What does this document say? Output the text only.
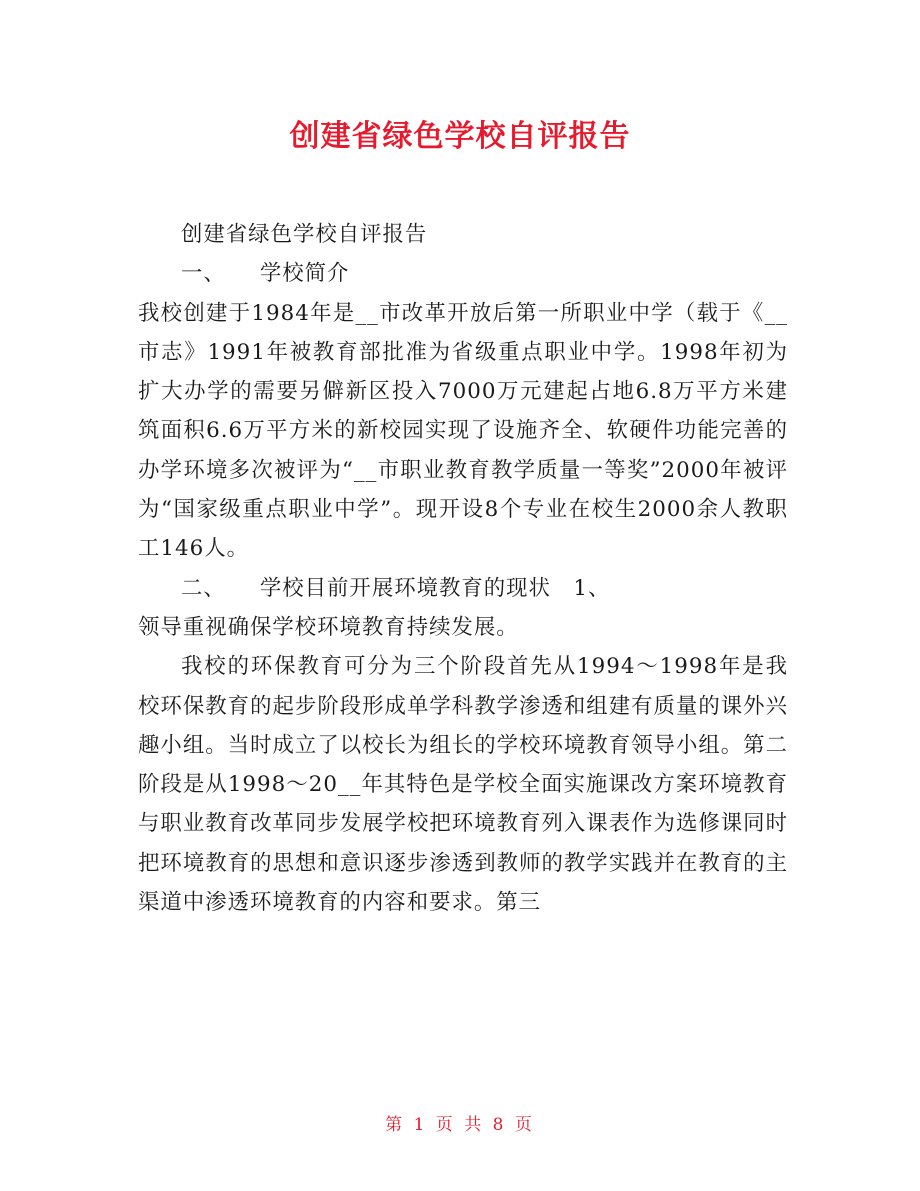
创建省绿色学校自评报告

创建省绿色学校自评报告

一、　　学校简介

我校创建于1984年是__市改革开放后第一所职业中学（载于《__市志》1991年被教育部批准为省级重点职业中学。1998年初为扩大办学的需要另僻新区投入7000万元建起占地6.8万平方米建筑面积6.6万平方米的新校园实现了设施齐全、软硬件功能完善的办学环境多次被评为“__市职业教育教学质量一等奖”2000年被评为“国家级重点职业中学”。现开设8个专业在校生2000余人教职工146人。

二、　　学校目前开展环境教育的现状　1、

领导重视确保学校环境教育持续发展。

我校的环保教育可分为三个阶段首先从1994～1998年是我校环保教育的起步阶段形成单学科教学渗透和组建有质量的课外兴趣小组。当时成立了以校长为组长的学校环境教育领导小组。第二阶段是从1998～20__年其特色是学校全面实施课改方案环境教育与职业教育改革同步发展学校把环境教育列入课表作为选修课同时把环境教育的思想和意识逐步渗透到教师的教学实践并在教育的主渠道中渗透环境教育的内容和要求。第三

第 1 页 共 8 页
